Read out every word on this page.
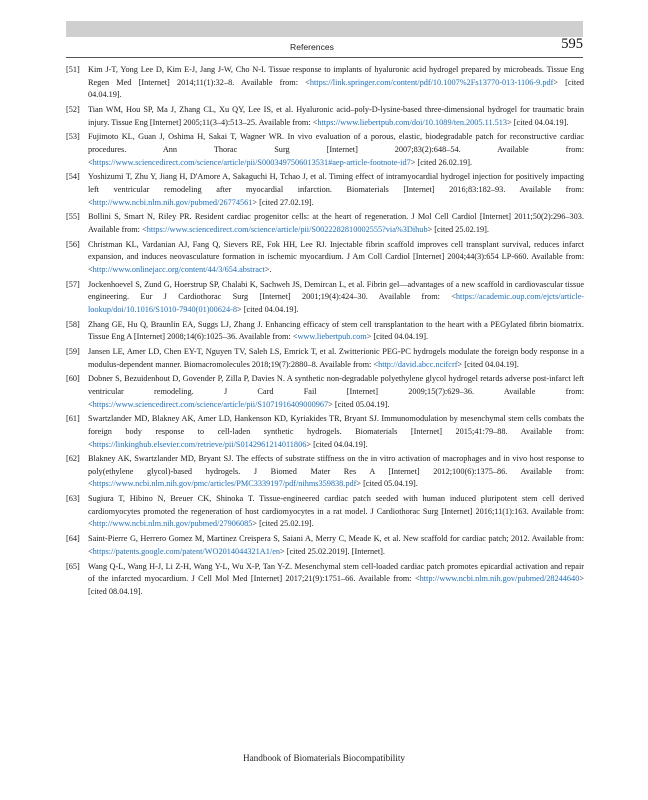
References	595
[51] Kim J-T, Yong Lee D, Kim E-J, Jang J-W, Cho N-I. Tissue response to implants of hyaluronic acid hydrogel prepared by microbeads. Tissue Eng Regen Med [Internet] 2014;11(1):32–8. Available from: <https://link.springer.com/content/pdf/10.1007%2Fs13770-013-1106-9.pdf> [cited 04.04.19].
[52] Tian WM, Hou SP, Ma J, Zhang CL, Xu QY, Lee IS, et al. Hyaluronic acid–poly-D-lysine-based three-dimensional hydrogel for traumatic brain injury. Tissue Eng [Internet] 2005;11(3–4):513–25. Available from: <https://www.liebertpub.com/doi/10.1089/ten.2005.11.513> [cited 04.04.19].
[53] Fujimoto KL, Guan J, Oshima H, Sakai T, Wagner WR. In vivo evaluation of a porous, elastic, biodegradable patch for reconstructive cardiac procedures. Ann Thorac Surg [Internet] 2007;83(2):648–54. Available from: <https://www.sciencedirect.com/science/article/pii/S0003497506013531#aep-article-footnote-id7> [cited 26.02.19].
[54] Yoshizumi T, Zhu Y, Jiang H, D'Amore A, Sakaguchi H, Tchao J, et al. Timing effect of intramyocardial hydrogel injection for positively impacting left ventricular remodeling after myocardial infarction. Biomaterials [Internet] 2016;83:182–93. Available from: <http://www.ncbi.nlm.nih.gov/pubmed/26774561> [cited 27.02.19].
[55] Bollini S, Smart N, Riley PR. Resident cardiac progenitor cells: at the heart of regeneration. J Mol Cell Cardiol [Internet] 2011;50(2):296–303. Available from: <https://www.sciencedirect.com/science/article/pii/S0022282810002555?via%3Dihub> [cited 25.02.19].
[56] Christman KL, Vardanian AJ, Fang Q, Sievers RE, Fok HH, Lee RJ. Injectable fibrin scaffold improves cell transplant survival, reduces infarct expansion, and induces neovasculature formation in ischemic myocardium. J Am Coll Cardiol [Internet] 2004;44(3):654 LP-660. Available from: <http://www.onlinejacc.org/content/44/3/654.abstract>.
[57] Jockenhoevel S, Zund G, Hoerstrup SP, Chalabi K, Sachweh JS, Demircan L, et al. Fibrin gel—advantages of a new scaffold in cardiovascular tissue engineering. Eur J Cardiothorac Surg [Internet] 2001;19(4):424–30. Available from: <https://academic.oup.com/ejcts/article-lookup/doi/10.1016/S1010-7940(01)00624-8> [cited 04.04.19].
[58] Zhang GE, Hu Q, Braunlin EA, Suggs LJ, Zhang J. Enhancing efficacy of stem cell transplantation to the heart with a PEGylated fibrin biomatrix. Tissue Eng A [Internet] 2008;14(6):1025–36. Available from: <www.liebertpub.com> [cited 04.04.19].
[59] Jansen LE, Amer LD, Chen EY-T, Nguyen TV, Saleh LS, Emrick T, et al. Zwitterionic PEG-PC hydrogels modulate the foreign body response in a modulus-dependent manner. Biomacromolecules 2018;19(7):2880–8. Available from: <http://david.abcc.ncifcrf> [cited 04.04.19].
[60] Dobner S, Bezuidenhout D, Govender P, Zilla P, Davies N. A synthetic non-degradable polyethylene glycol hydrogel retards adverse post-infarct left ventricular remodeling. J Card Fail [Internet] 2009;15(7):629–36. Available from: <https://www.sciencedirect.com/science/article/pii/S1071916409000967> [cited 05.04.19].
[61] Swartzlander MD, Blakney AK, Amer LD, Hankenson KD, Kyriakides TR, Bryant SJ. Immunomodulation by mesenchymal stem cells combats the foreign body response to cell-laden synthetic hydrogels. Biomaterials [Internet] 2015;41:79–88. Available from: <https://linkinghub.elsevier.com/retrieve/pii/S0142961214011806> [cited 04.04.19].
[62] Blakney AK, Swartzlander MD, Bryant SJ. The effects of substrate stiffness on the in vitro activation of macrophages and in vivo host response to poly(ethylene glycol)-based hydrogels. J Biomed Mater Res A [Internet] 2012;100(6):1375–86. Available from: <https://www.ncbi.nlm.nih.gov/pmc/articles/PMC3339197/pdf/nihms359838.pdf> [cited 05.04.19].
[63] Sugiura T, Hibino N, Breuer CK, Shinoka T. Tissue-engineered cardiac patch seeded with human induced pluripotent stem cell derived cardiomyocytes promoted the regeneration of host cardiomyocytes in a rat model. J Cardiothorac Surg [Internet] 2016;11(1):163. Available from: <http://www.ncbi.nlm.nih.gov/pubmed/27906085> [cited 25.02.19].
[64] Saint-Pierre G, Herrero Gomez M, Martinez Creispera S, Saiani A, Merry C, Meade K, et al. New scaffold for cardiac patch; 2012. Available from: <https://patents.google.com/patent/WO2014044321A1/en> [cited 25.02.2019]. [Internet].
[65] Wang Q-L, Wang H-J, Li Z-H, Wang Y-L, Wu X-P, Tan Y-Z. Mesenchymal stem cell-loaded cardiac patch promotes epicardial activation and repair of the infarcted myocardium. J Cell Mol Med [Internet] 2017;21(9):1751–66. Available from: <http://www.ncbi.nlm.nih.gov/pubmed/28244640> [cited 08.04.19].
Handbook of Biomaterials Biocompatibility
